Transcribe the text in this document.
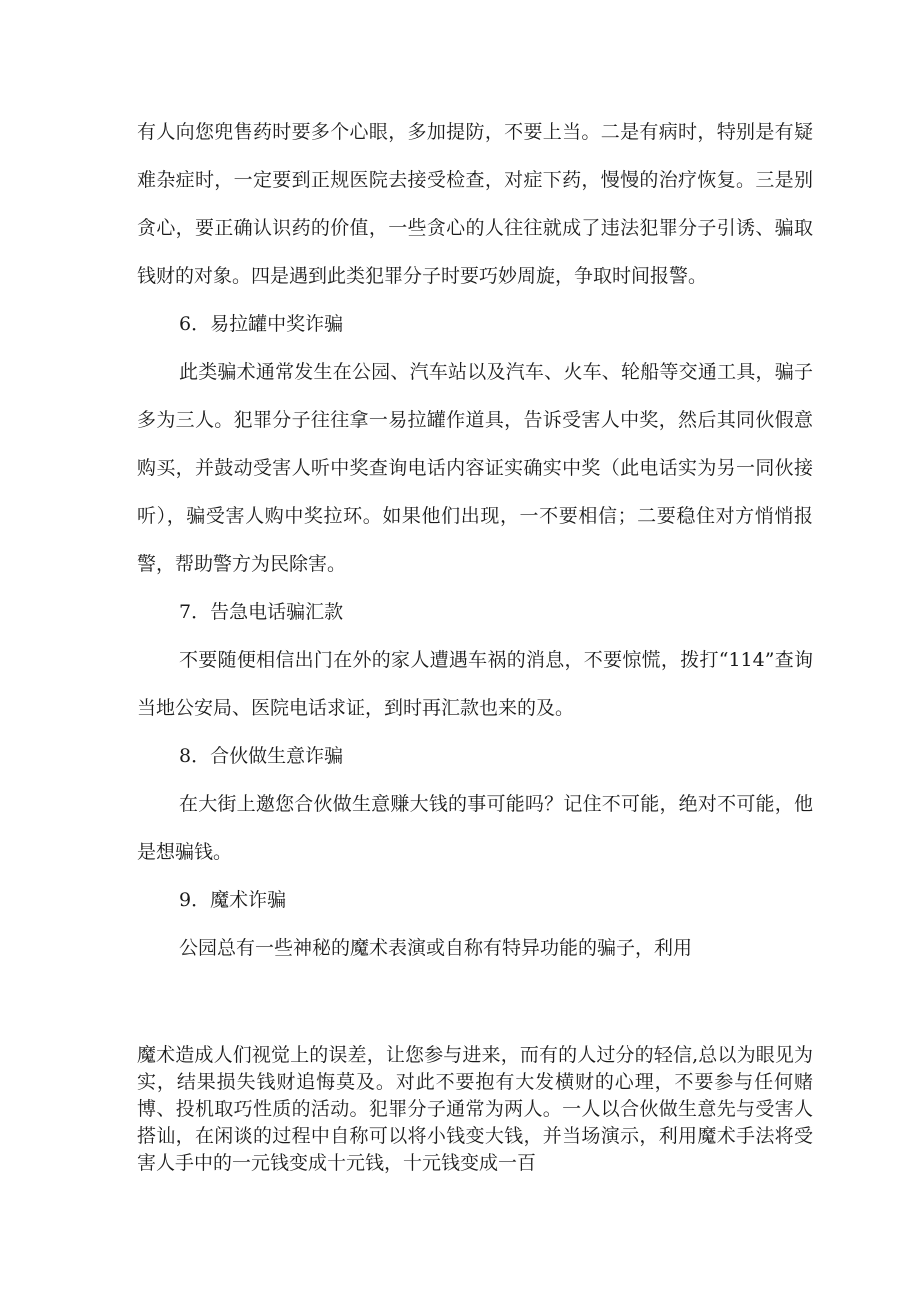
有人向您兜售药时要多个心眼，多加提防，不要上当。二是有病时，特别是有疑难杂症时，一定要到正规医院去接受检查，对症下药，慢慢的治疗恢复。三是别贪心，要正确认识药的价值，一些贪心的人往往就成了违法犯罪分子引诱、骗取钱财的对象。四是遇到此类犯罪分子时要巧妙周旋，争取时间报警。

6．易拉罐中奖诈骗

此类骗术通常发生在公园、汽车站以及汽车、火车、轮船等交通工具，骗子多为三人。犯罪分子往往拿一易拉罐作道具，告诉受害人中奖，然后其同伙假意购买，并鼓动受害人听中奖查询电话内容证实确实中奖（此电话实为另一同伙接听），骗受害人购中奖拉环。如果他们出现，一不要相信；二要稳住对方悄悄报警，帮助警方为民除害。

7．告急电话骗汇款

不要随便相信出门在外的家人遭遇车祸的消息，不要惊慌，拨打“114”查询当地公安局、医院电话求证，到时再汇款也来的及。

8．合伙做生意诈骗

在大街上邀您合伙做生意赚大钱的事可能吗？记住不可能，绝对不可能，他是想骗钱。

9．魔术诈骗

公园总有一些神秘的魔术表演或自称有特异功能的骗子，利用

魔术造成人们视觉上的误差，让您参与进来，而有的人过分的轻信,总以为眼见为实，结果损失钱财追悔莫及。对此不要抱有大发横财的心理，不要参与任何赌博、投机取巧性质的活动。犯罪分子通常为两人。一人以合伙做生意先与受害人搭讪，在闲谈的过程中自称可以将小钱变大钱，并当场演示，利用魔术手法将受害人手中的一元钱变成十元钱，十元钱变成一百
